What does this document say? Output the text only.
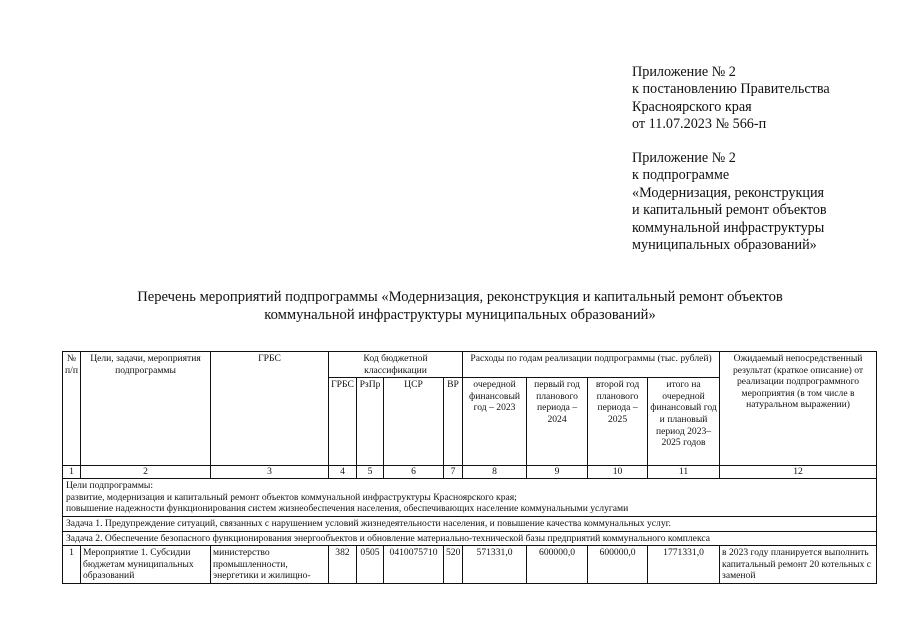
Приложение № 2
к постановлению Правительства
Красноярского края
от 11.07.2023 № 566-п
Приложение № 2
к подпрограмме
«Модернизация, реконструкция
и капитальный ремонт объектов
коммунальной инфраструктуры
муниципальных образований»
Перечень мероприятий подпрограммы «Модернизация, реконструкция и капитальный ремонт объектов
коммунальной инфраструктуры муниципальных образований»
№ п/п	Цели, задачи, мероприятия подпрограммы	ГРБС	Код бюджетной классификации				Расходы по годам реализации подпрограммы (тыс. рублей)				Ожидаемый непосредственный результат (краткое описание) от реализации подпрограммного мероприятия (в том числе в натуральном выражении)
			ГРБС	РзПр	ЦСР	ВР	очередной финансовый год – 2023	первый год планового периода – 2024	второй год планового периода – 2025	итого на очередной финансовый год и плановый период 2023–2025 годов	
1	2	3	4	5	6	7	8	9	10	11	12

Цели подпрограммы:
развитие, модернизация и капитальный ремонт объектов коммунальной инфраструктуры Красноярского края;
повышение надежности функционирования систем жизнеобеспечения населения, обеспечивающих население коммунальными услугами											

Задача 1. Предупреждение ситуаций, связанных с нарушением условий жизнедеятельности населения, и повышение качества коммунальных услуг.											
Задача 2. Обеспечение безопасного функционирования энергообъектов и обновление материально-технической базы предприятий коммунального комплекса											
1	Мероприятие 1. Субсидии бюджетам муниципальных образований	министерство промышленности, энергетики и жилищно-	382	0505	0410075710	520	571331,0	600000,0	600000,0	1771331,0	в 2023 году планируется выполнить капитальный ремонт 20 котельных с заменой
